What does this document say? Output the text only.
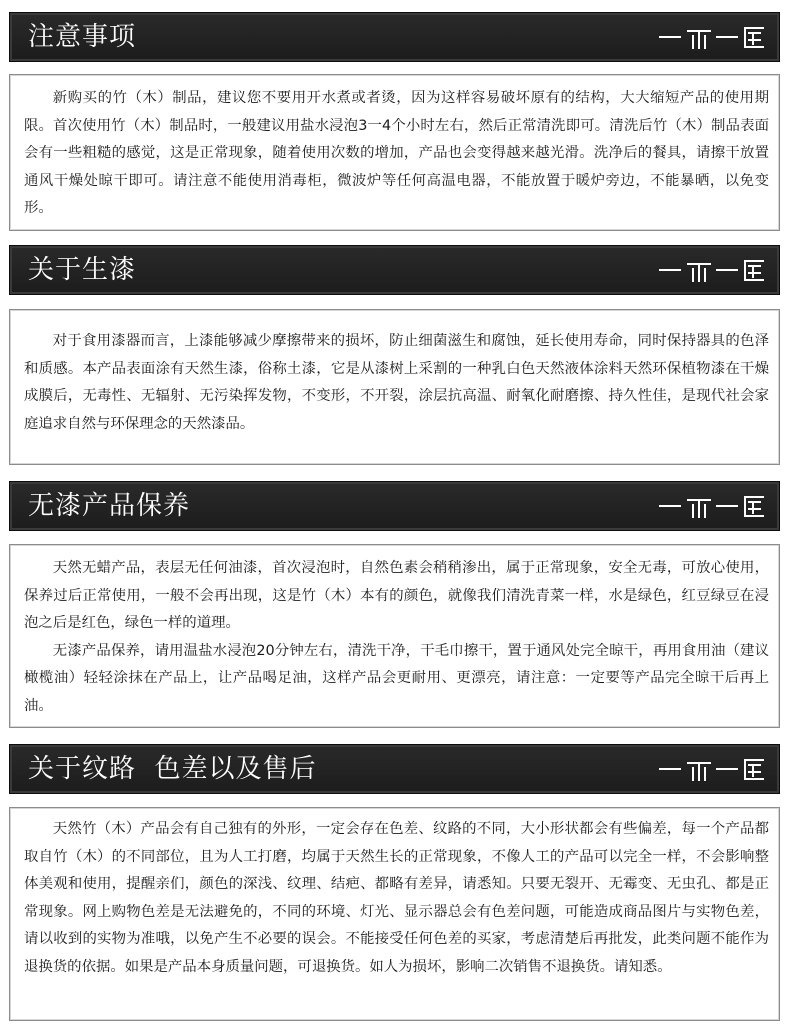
注意事项

新购买的竹（木）制品，建议您不要用开水煮或者烫，因为这样容易破坏原有的结构，大大缩短产品的使用期限。首次使用竹（木）制品时，一般建议用盐水浸泡3一4个小时左右，然后正常清洗即可。清洗后竹（木）制品表面会有一些粗糙的感觉，这是正常现象，随着使用次数的增加，产品也会变得越来越光滑。洗净后的餐具，请擦干放置通风干燥处晾干即可。请注意不能使用消毒柜，微波炉等任何高温电器，不能放置于暖炉旁边，不能暴晒，以免变形。

关于生漆

对于食用漆器而言，上漆能够减少摩擦带来的损坏，防止细菌滋生和腐蚀，延长使用寿命，同时保持器具的色泽和质感。本产品表面涂有天然生漆，俗称土漆，它是从漆树上采割的一种乳白色天然液体涂料天然环保植物漆在干燥成膜后，无毒性、无辐射、无污染挥发物，不变形，不开裂，涂层抗高温、耐氧化耐磨擦、持久性佳，是现代社会家庭追求自然与环保理念的天然漆品。

无漆产品保养

天然无蜡产品，表层无任何油漆，首次浸泡时，自然色素会稍稍渗出，属于正常现象，安全无毒，可放心使用，保养过后正常使用，一般不会再出现，这是竹（木）本有的颜色，就像我们清洗青菜一样，水是绿色，红豆绿豆在浸泡之后是红色，绿色一样的道理。

无漆产品保养，请用温盐水浸泡20分钟左右，清洗干净，干毛巾擦干，置于通风处完全晾干，再用食用油（建议橄榄油）轻轻涂抹在产品上，让产品喝足油，这样产品会更耐用、更漂亮，请注意：一定要等产品完全晾干后再上油。

关于纹路  色差以及售后

天然竹（木）产品会有自己独有的外形，一定会存在色差、纹路的不同，大小形状都会有些偏差，每一个产品都取自竹（木）的不同部位，且为人工打磨，均属于天然生长的正常现象，不像人工的产品可以完全一样，不会影响整体美观和使用，提醒亲们，颜色的深浅、纹理、结疤、都略有差异，请悉知。只要无裂开、无霉变、无虫孔、都是正常现象。网上购物色差是无法避免的，不同的环境、灯光、显示器总会有色差问题，可能造成商品图片与实物色差，请以收到的实物为准哦，以免产生不必要的误会。不能接受任何色差的买家，考虑清楚后再批发，此类问题不能作为退换货的依据。如果是产品本身质量问题，可退换货。如人为损坏，影响二次销售不退换货。请知悉。
